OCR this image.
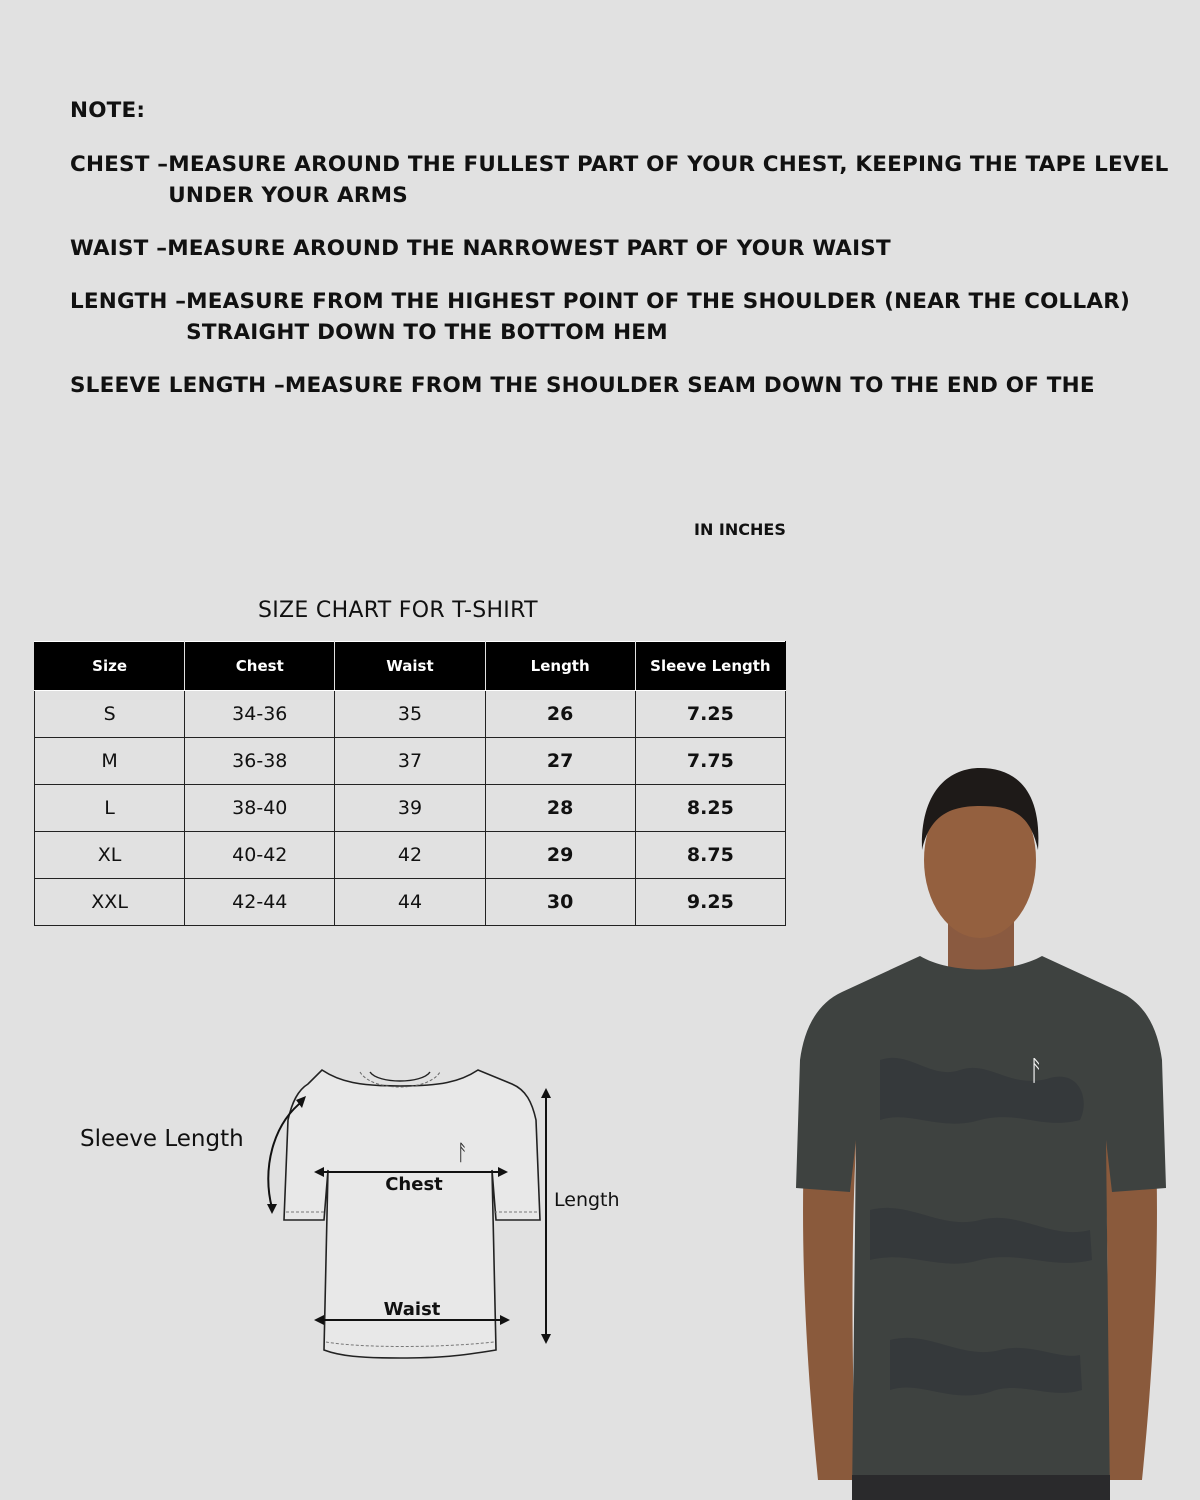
NOTE:
CHEST – MEASURE AROUND THE FULLEST PART OF YOUR CHEST, KEEPING THE TAPE LEVEL UNDER YOUR ARMS
WAIST – MEASURE AROUND THE NARROWEST PART OF YOUR WAIST
LENGTH – MEASURE FROM THE HIGHEST POINT OF THE SHOULDER (NEAR THE COLLAR) STRAIGHT DOWN TO THE BOTTOM HEM
SLEEVE LENGTH – MEASURE FROM THE SHOULDER SEAM DOWN TO THE END OF THE
IN INCHES
SIZE CHART FOR T-SHIRT
Size	Chest	Waist	Length	Sleeve Length
S	34-36	35	26	7.25
M	36-38	37	27	7.75
L	38-40	39	28	8.25
XL	40-42	42	29	8.75
XXL	42-44	44	30	9.25
ᚨ
Chest
Waist
Length
Sleeve Length
ᚨ
